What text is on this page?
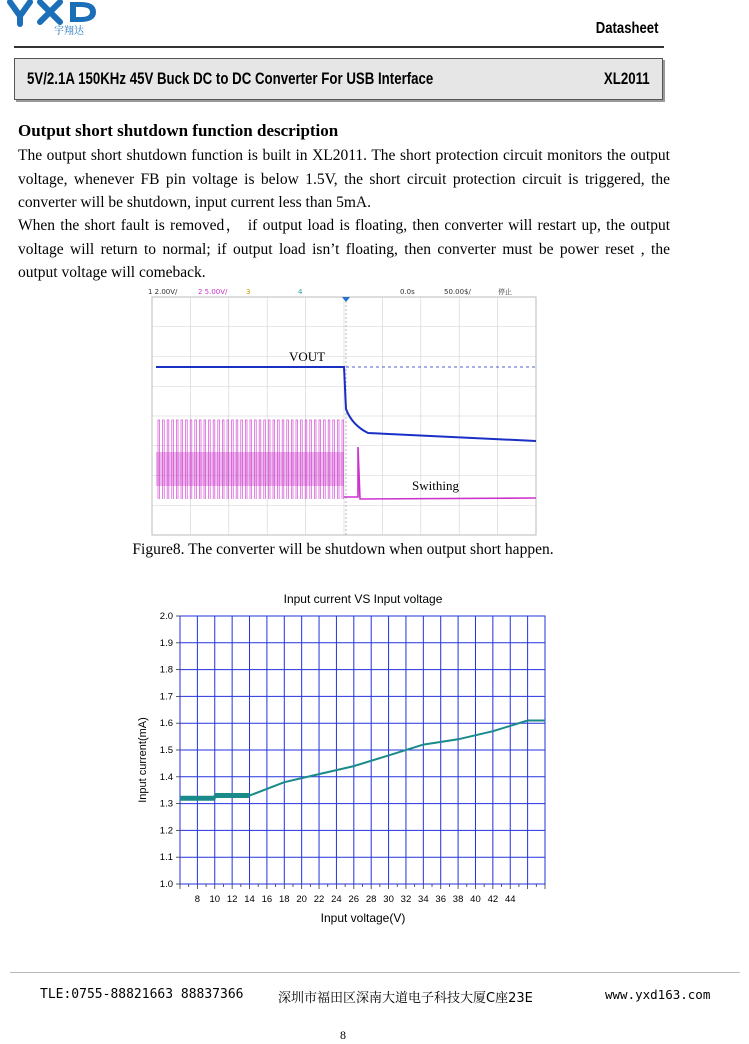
宇翔达	Datasheet
5V/2.1A 150KHz 45V Buck DC to DC Converter For USB Interface	XL2011
Output short shutdown function description
The output short shutdown function is built in XL2011. The short protection circuit monitors the output voltage, whenever FB pin voltage is below 1.5V, the short circuit protection circuit is triggered, the converter will be shutdown, input current less than 5mA.
When the short fault is removed， if output load is floating, then converter will restart up, the output voltage will return to normal; if output load isn’t floating, then converter must be power reset , the output voltage will comeback.
1 2.00V/	2 5.00V/	3	4	0.0s	50.00$/	停止
VOUT
Swithing
Figure8. The converter will be shutdown when output short happen.
Input current VS Input voltage
Input current(mA)
Input voltage(V)
1.0
1.1
1.2
1.3
1.4
1.5
1.6
1.7
1.8
1.9
2.0
8 10 12 14 16 18 20 22 24 26 28 30 32 34 36 38 40 42 44
TLE:0755-88821663 88837366	深圳市福田区深南大道电子科技大厦C座23E	www.yxd163.com
8
